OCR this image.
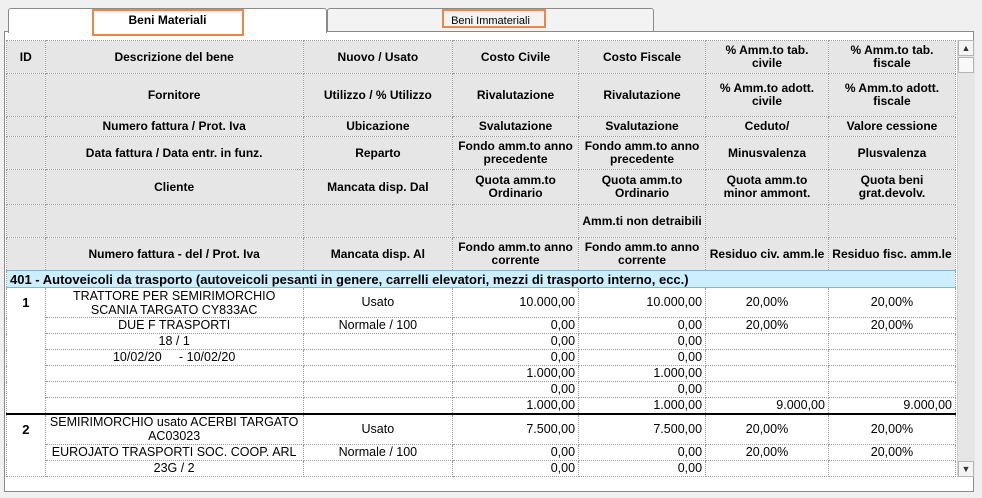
Beni Materiali	Beni Immateriali
ID	Descrizione del bene	Nuovo / Usato	Costo Civile	Costo Fiscale	% Amm.to tab. civile	% Amm.to tab. fiscale
	Fornitore	Utilizzo / % Utilizzo	Rivalutazione	Rivalutazione	% Amm.to adott. civile	% Amm.to adott. fiscale
	Numero fattura / Prot. Iva	Ubicazione	Svalutazione	Svalutazione	Ceduto/	Valore cessione
	Data fattura / Data entr. in funz.	Reparto	Fondo amm.to anno precedente	Fondo amm.to anno precedente	Minusvalenza	Plusvalenza
	Cliente	Mancata disp. Dal	Quota amm.to Ordinario	Quota amm.to Ordinario	Quota amm.to minor ammont.	Quota beni grat.devolv.
				Amm.ti non detraibili		
	Numero fattura - del / Prot. Iva	Mancata disp. Al	Fondo amm.to anno corrente	Fondo amm.to anno corrente	Residuo civ. amm.le	Residuo fisc. amm.le
401 - Autoveicoli da trasporto (autoveicoli pesanti in genere, carrelli elevatori, mezzi di trasporto interno, ecc.)						
1	TRATTORE PER SEMIRIMORCHIO SCANIA TARGATO CY833AC	Usato	10.000,00	10.000,00	20,00%	20,00%
	DUE F TRASPORTI	Normale / 100	0,00	0,00	20,00%	20,00%
	18 / 1		0,00	0,00		
	10/02/20     - 10/02/20		0,00	0,00		
			1.000,00	1.000,00		
			0,00	0,00		
			1.000,00	1.000,00	9.000,00	9.000,00
2	SEMIRIMORCHIO usato ACERBI TARGATO AC03023	Usato	7.500,00	7.500,00	20,00%	20,00%
	EUROJATO TRASPORTI SOC. COOP. ARL	Normale / 100	0,00	0,00	20,00%	20,00%
	23G / 2		0,00	0,00		
▲
▼
